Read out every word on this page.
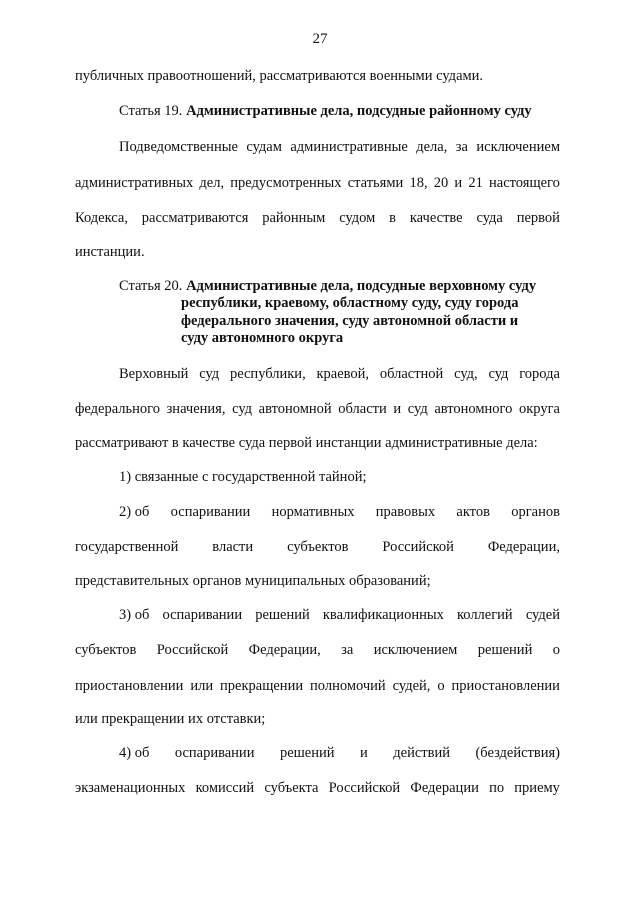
27
публичных правоотношений, рассматриваются военными судами.
Статья 19. Административные дела, подсудные районному суду
Подведомственные судам административные дела, за исключением
административных дел, предусмотренных статьями 18, 20 и 21 настоящего
Кодекса, рассматриваются районным судом в качестве суда первой
инстанции.
Статья 20. Административные дела, подсудные верховному суду
республики, краевому, областному суду, суду города
федерального значения, суду автономной области и
суду автономного округа
Верховный суд республики, краевой, областной суд, суд города
федерального значения, суд автономной области и суд автономного округа
рассматривают в качестве суда первой инстанции административные дела:
1) связанные с государственной тайной;
2) об оспаривании нормативных правовых актов органов
государственной власти субъектов Российской Федерации,
представительных органов муниципальных образований;
3) об оспаривании решений квалификационных коллегий судей
субъектов Российской Федерации, за исключением решений о
приостановлении или прекращении полномочий судей, о приостановлении
или прекращении их отставки;
4) об оспаривании решений и действий (бездействия)
экзаменационных комиссий субъекта Российской Федерации по приему
